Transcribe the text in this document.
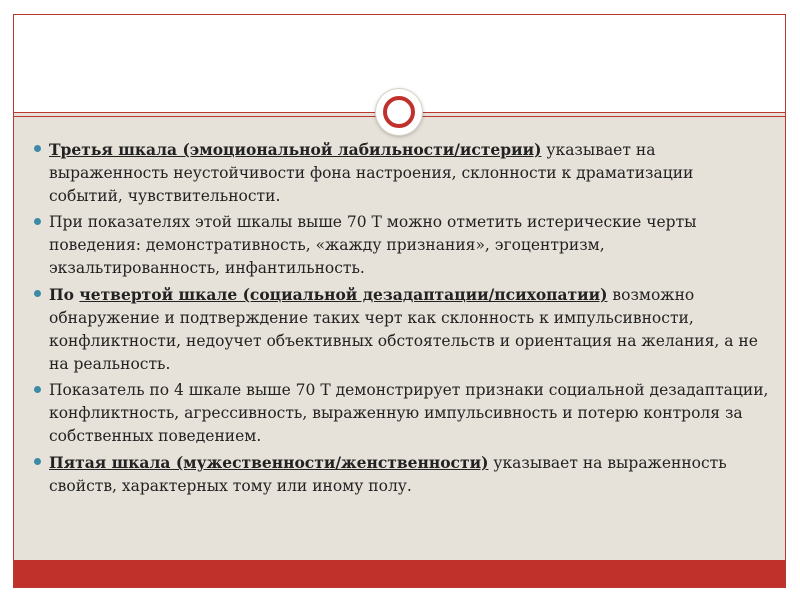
Третья шкала (эмоциональной лабильности/истерии) указывает на выраженность неустойчивости фона настроения, склонности к драматизации событий, чувствительности.
При показателях этой шкалы выше 70 Т можно отметить истерические черты поведения: демонстративность, «жажду признания», эгоцентризм, экзальтированность, инфантильность.
По четвертой шкале (социальной дезадаптации/психопатии) возможно обнаружение и подтверждение таких черт как склонность к импульсивности, конфликтности, недоучет объективных обстоятельств и ориентация на желания, а не на реальность.
Показатель по 4 шкале выше 70 Т демонстрирует признаки социальной дезадаптации, конфликтность, агрессивность, выраженную импульсивность и потерю контроля за собственных поведением.
Пятая шкала (мужественности/женственности) указывает на выраженность свойств, характерных тому или иному полу.
